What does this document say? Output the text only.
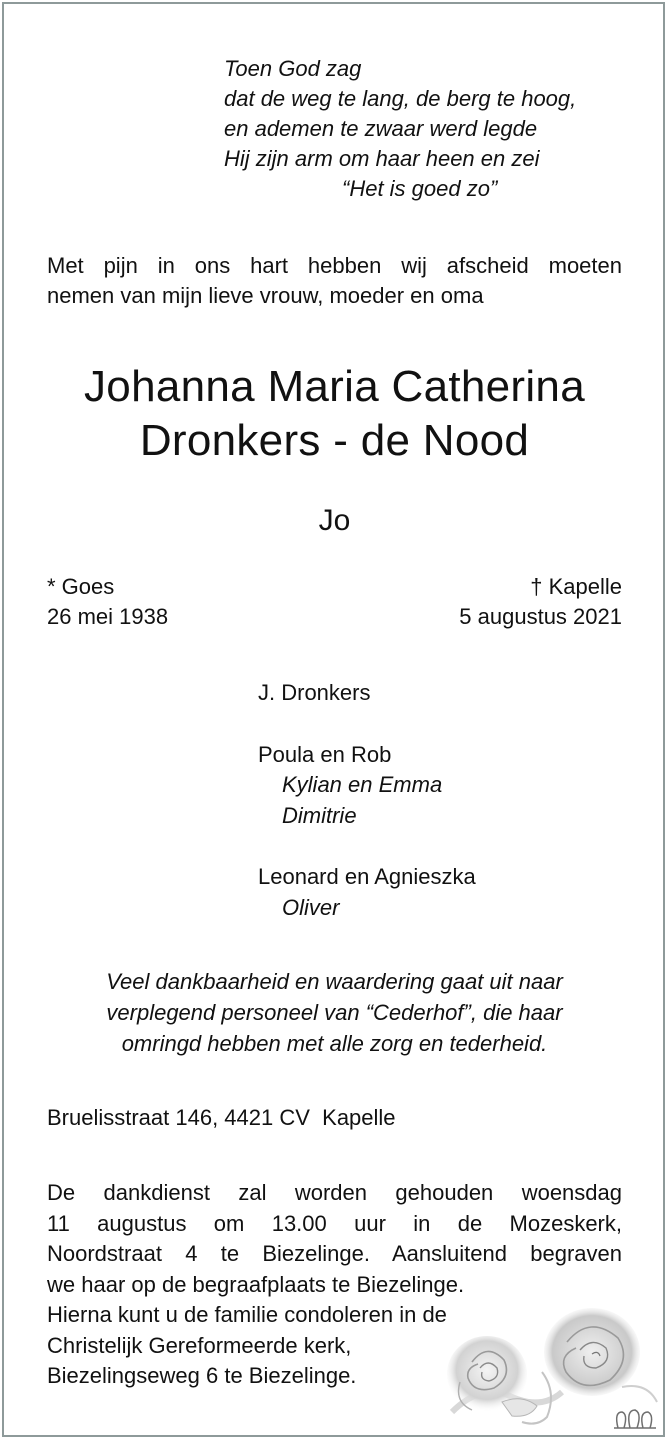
Toen God zag
dat de weg te lang, de berg te hoog,
en ademen te zwaar werd legde
Hij zijn arm om haar heen en zei
“Het is goed zo”
Met pijn in ons hart hebben wij afscheid moeten
nemen van mijn lieve vrouw, moeder en oma
Johanna Maria Catherina
Dronkers - de Nood
Jo
* Goes
26 mei 1938
† Kapelle
5 augustus 2021
J. Dronkers
Poula en Rob
Kylian en Emma
Dimitrie
Leonard en Agnieszka
Oliver
Veel dankbaarheid en waardering gaat uit naar
verplegend personeel van “Cederhof”, die haar
omringd hebben met alle zorg en tederheid.
Bruelisstraat 146, 4421 CV  Kapelle
De dankdienst zal worden gehouden woensdag
11 augustus om 13.00 uur in de Mozeskerk,
Noordstraat 4 te Biezelinge. Aansluitend begraven
we haar op de begraafplaats te Biezelinge.
Hierna kunt u de familie condoleren in de
Christelijk Gereformeerde kerk,
Biezelingseweg 6 te Biezelinge.
